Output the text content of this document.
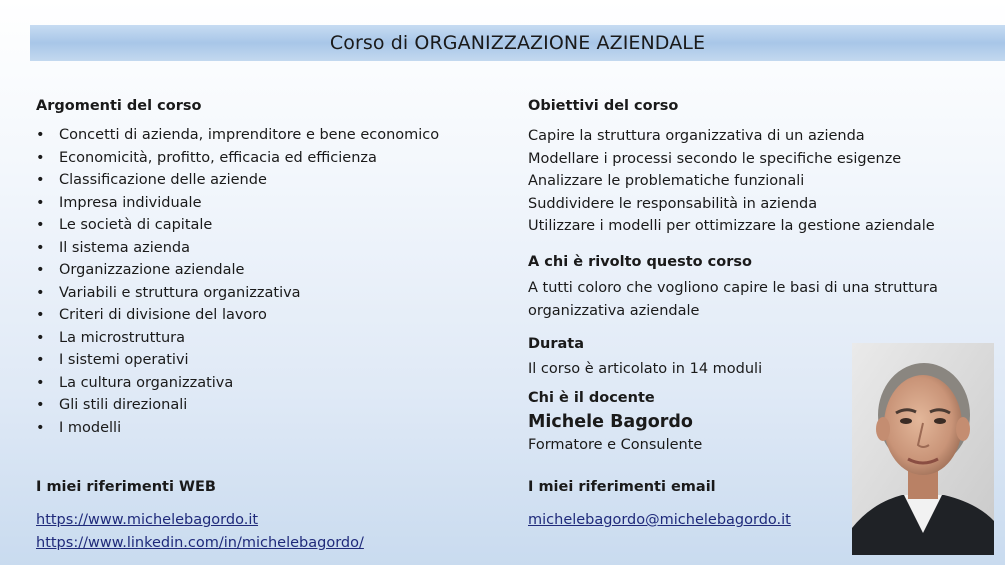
Corso di ORGANIZZAZIONE AZIENDALE
Argomenti del corso
• Concetti di azienda, imprenditore e bene economico
• Economicità, profitto, efficacia ed efficienza
• Classificazione delle aziende
• Impresa individuale
• Le società di capitale
• Il sistema azienda
• Organizzazione aziendale
• Variabili e struttura organizzativa
• Criteri di divisione del lavoro
• La microstruttura
• I sistemi operativi
• La cultura organizzativa
• Gli stili direzionali
• I modelli
I miei riferimenti WEB
https://www.michelebagordo.it
https://www.linkedin.com/in/michelebagordo/
Obiettivi del corso
Capire la struttura organizzativa di un azienda
Modellare i processi secondo le specifiche esigenze
Analizzare le problematiche funzionali
Suddividere le responsabilità in azienda
Utilizzare i modelli per ottimizzare la gestione aziendale
A chi è rivolto questo corso
A tutti coloro che vogliono capire le basi di una struttura
organizzativa aziendale
Durata
Il corso è articolato in 14 moduli
Chi è il docente
Michele Bagordo
Formatore e Consulente
I miei riferimenti email
michelebagordo@michelebagordo.it
